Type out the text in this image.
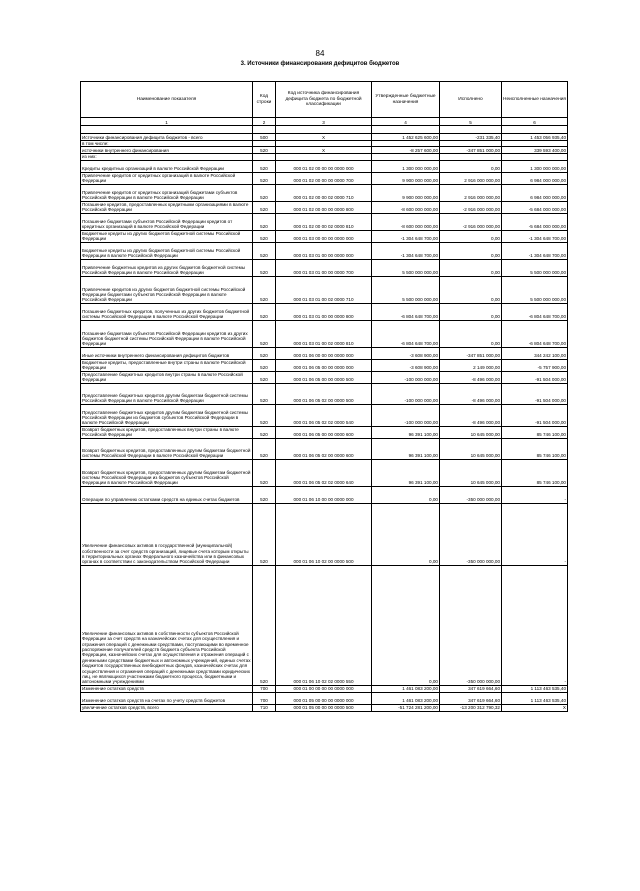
84
3. Источники финансирования дефицитов бюджетов
Наименование показателя	Код строки	Код источника финансирования дефицита бюджета по бюджетной классификации	Утвержденные бюджетные назначения	Исполнено	Неисполненные назначения
1	2	3	4	5	6

Источники финансирования дефицита бюджетов - всего	500	X	1 452 625 600,00	-231 335,40	1 453 056 935,40
в том числе:					
источники внутреннего финансирования	520	X	-8 257 600,00	-347 851 000,00	339 593 400,00
из них:					
Кредиты кредитных организаций в валюте Российской Федерации	520	000 01 02 00 00 00 0000 000	1 300 000 000,00	0,00	1 300 000 000,00
Привлечение кредитов от кредитных организаций в валюте Российской Федерации	520	000 01 02 00 00 00 0000 700	9 900 000 000,00	2 916 000 000,00	6 984 000 000,00
Привлечение кредитов от кредитных организаций бюджетами субъектов Российской Федерации в валюте Российской Федерации	520	000 01 02 00 00 02 0000 710	9 900 000 000,00	2 916 000 000,00	6 984 000 000,00
Погашение кредитов, предоставленных кредитными организациями в валюте Российской Федерации	520	000 01 02 00 00 00 0000 800	-8 600 000 000,00	-2 916 000 000,00	-5 684 000 000,00
Погашение бюджетами субъектов Российской Федерации кредитов от кредитных организаций в валюте Российской Федерации	520	000 01 02 00 00 02 0000 810	-8 600 000 000,00	-2 916 000 000,00	-5 684 000 000,00
Бюджетные кредиты из других бюджетов бюджетной системы Российской Федерации	520	000 01 03 00 00 00 0000 000	-1 304 648 700,00	0,00	-1 304 648 700,00
Бюджетные кредиты из других бюджетов бюджетной системы Российской Федерации в валюте Российской Федерации	520	000 01 03 01 00 00 0000 000	-1 304 648 700,00	0,00	-1 304 648 700,00
Привлечение бюджетных кредитов из других бюджетов бюджетной системы Российской Федерации в валюте Российской Федерации	520	000 01 03 01 00 00 0000 700	5 500 000 000,00	0,00	5 500 000 000,00
Привлечение кредитов из других бюджетов бюджетной системы Российской Федерации бюджетами субъектов Российской Федерации в валюте Российской Федерации	520	000 01 03 01 00 02 0000 710	5 500 000 000,00	0,00	5 500 000 000,00
Погашение бюджетных кредитов, полученных из других бюджетов бюджетной системы Российской Федерации в валюте Российской Федерации	520	000 01 03 01 00 00 0000 800	-6 804 648 700,00	0,00	-6 804 648 700,00
Погашение бюджетами субъектов Российской Федерации кредитов из других бюджетов бюджетной системы Российской Федерации в валюте Российской Федерации	520	000 01 03 01 00 02 0000 810	-6 804 648 700,00	0,00	-6 804 648 700,00
Иные источники внутреннего финансирования дефицитов бюджетов	520	000 01 06 00 00 00 0000 000	-3 608 900,00	-347 851 000,00	344 242 100,00
Бюджетные кредиты, предоставленные внутри страны в валюте Российской Федерации	520	000 01 06 05 00 00 0000 000	-3 608 900,00	2 149 000,00	-5 757 900,00
Предоставление бюджетных кредитов внутри страны в валюте Российской Федерации	520	000 01 06 05 00 00 0000 500	-100 000 000,00	-8 496 000,00	-91 504 000,00
Предоставление бюджетных кредитов другим бюджетам бюджетной системы Российской Федерации в валюте Российской Федерации	520	000 01 06 05 02 00 0000 500	-100 000 000,00	-8 496 000,00	-91 504 000,00
Предоставление бюджетных кредитов другим бюджетам бюджетной системы Российской Федерации из бюджетов субъектов Российской Федерации в валюте Российской Федерации	520	000 01 06 05 02 02 0000 540	-100 000 000,00	-8 496 000,00	-91 504 000,00
Возврат бюджетных кредитов, предоставленных внутри страны в валюте Российской Федерации	520	000 01 06 05 00 00 0000 600	96 391 100,00	10 645 000,00	85 746 100,00
Возврат бюджетных кредитов, предоставленных другим бюджетам бюджетной системы Российской Федерации в валюте Российской Федерации	520	000 01 06 05 02 00 0000 600	96 391 100,00	10 645 000,00	85 746 100,00
Возврат бюджетных кредитов, предоставленных другим бюджетам бюджетной системы Российской Федерации из бюджетов субъектов Российской Федерации в валюте Российской Федерации	520	000 01 06 05 02 02 0000 640	96 391 100,00	10 645 000,00	85 746 100,00
Операции по управлению остатками средств на единых счетах бюджетов	520	000 01 06 10 00 00 0000 000	0,00	-350 000 000,00	-
Увеличение финансовых активов в государственной (муниципальной) собственности за счет средств организаций, лицевые счета которым открыты в территориальных органах Федерального казначейства или в финансовых органах в соответствии с законодательством Российской Федерации	520	000 01 06 10 02 00 0000 500	0,00	-350 000 000,00	-
Увеличение финансовых активов в собственности субъектов Российской Федерации за счет средств на казначейских счетах для осуществления и отражения операций с денежными средствами, поступающими во временное распоряжение получателей средств бюджета субъекта Российской Федерации, казначейских счетах для осуществления и отражения операций с денежными средствами бюджетных и автономных учреждений, единых счетах бюджетов государственных внебюджетных фондов, казначейских счетах для осуществления и отражения операций с денежными средствами юридических лиц, не являющихся участниками бюджетного процесса, бюджетными и автономными учреждениями	520	000 01 06 10 02 02 0000 550	0,00	-350 000 000,00	-
Изменение остатков средств	700	000 01 00 00 00 00 0000 000	1 461 083 200,00	347 619 664,60	1 113 463 535,40
Изменение остатков средств на счетах по учету средств бюджетов	700	000 01 05 00 00 00 0000 000	1 461 083 200,00	347 619 664,60	1 113 463 535,40
увеличение остатков средств, всего	710	000 01 05 00 00 00 0000 500	-51 724 281 200,00	-13 200 312 790,32	X
